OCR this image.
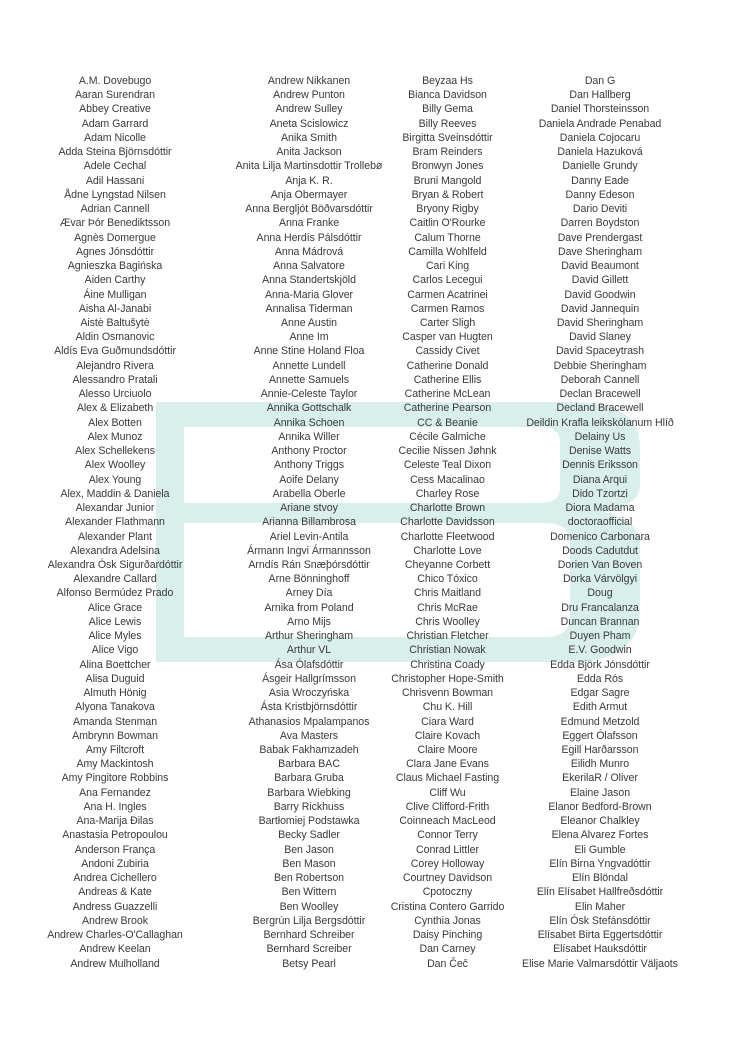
A.M. Dovebugo
Aaran Surendran
Abbey Creative
Adam Garrard
Adam Nicolle
Adda Steina Björnsdóttir
Adele Cechal
Adil Hassani
Ådne Lyngstad Nilsen
Adrian Cannell
Ævar Þór Benediktsson
Agnès Domergue
Agnes Jónsdóttir
Agnieszka Bagińska
Aiden Carthy
Áine Mulligan
Aisha Al-Janabi
Aistė Baltušytė
Aldin Osmanovic
Aldís Eva Guðmundsdóttir
Alejandro Rivera
Alessandro Pratali
Alesso Urciuolo
Alex & Elizabeth
Alex Botten
Alex Munoz
Alex Schellekens
Alex Woolley
Alex Young
Alex, Maddin & Daniela
Alexandar Junior
Alexander Flathmann
Alexander Plant
Alexandra Adelsina
Alexandra Ósk Sigurðardóttir
Alexandre Callard
Alfonso Bermúdez Prado
Alice Grace
Alice Lewis
Alice Myles
Alice Vigo
Alina Boettcher
Alisa Duguid
Almuth Hönig
Alyona Tanakova
Amanda Stenman
Ambrynn Bowman
Amy Filtcroft
Amy Mackintosh
Amy Pingitore Robbins
Ana Fernandez
Ana H. Ingles
Ana-Marija Đilas
Anastasia Petropoulou
Anderson França
Andoni Zubiria
Andrea Cichellero
Andreas & Kate
Andress Guazzelli
Andrew Brook
Andrew Charles-O'Callaghan
Andrew Keelan
Andrew Mulholland
Andrew Nikkanen
Andrew Punton
Andrew Sulley
Aneta Scislowicz
Anika Smith
Anita Jackson
Anita Lilja Martinsdottir Trollebø
Anja K. R.
Anja Obermayer
Anna Bergljót Böðvarsdóttir
Anna Franke
Anna Herdís Pálsdóttir
Anna Mádrová
Anna Salvatore
Anna Standertskjöld
Anna-Maria Glover
Annalisa Tiderman
Anne Austin
Anne Im
Anne Stine Holand Floa
Annette Lundell
Annette Samuels
Annie-Celeste Taylor
Annika Gottschalk
Annika Schoen
Annika Willer
Anthony Proctor
Anthony Triggs
Aoife Delany
Arabella Oberle
Ariane stvoy
Arianna Billambrosa
Ariel Levin-Antila
Ármann Ingvi Ármannsson
Arndís Rán Snæþórsdóttir
Arne Bönninghoff
Arney Día
Arnika from Poland
Arno Mijs
Arthur Sheringham
Arthur VL
Ása Ólafsdóttir
Ásgeir Hallgrímsson
Asia Wroczyńska
Ásta Kristbjörnsdóttir
Athanasios Mpalampanos
Ava Masters
Babak Fakhamzadeh
Barbara BAC
Barbara Gruba
Barbara Wiebking
Barry Rickhuss
Bartłomiej Podstawka
Becky Sadler
Ben Jason
Ben Mason
Ben Robertson
Ben Wittern
Ben Woolley
Bergrún Lilja Bergsdóttir
Bernhard Schreiber
Bernhard Screiber
Betsy Pearl
Beyzaa Hs
Bianca Davidson
Billy Gema
Billy Reeves
Birgitta Sveinsdóttir
Bram Reinders
Bronwyn Jones
Bruni Mangold
Bryan & Robert
Bryony Rigby
Caitlin O'Rourke
Calum Thorne
Camilla Wohlfeld
Cari King
Carlos Lecegui
Carmen Acatrinei
Carmen Ramos
Carter Sligh
Casper van Hugten
Cassidy Civet
Catherine Donald
Catherine Ellis
Catherine McLean
Catherine Pearson
CC & Beanie
Cécile Galmiche
Cecilie Nissen Jøhnk
Celeste Teal Dixon
Cess Macalinao
Charley Rose
Charlotte Brown
Charlotte Davidsson
Charlotte Fleetwood
Charlotte Love
Cheyanne Corbett
Chico Tóxico
Chris Maitland
Chris McRae
Chris Woolley
Christian Fletcher
Christian Nowak
Christina Coady
Christopher Hope-Smith
Chrisvenn Bowman
Chu K. Hill
Ciara Ward
Claire Kovach
Claire Moore
Clara Jane Evans
Claus Michael Fasting
Cliff Wu
Clive Clifford-Frith
Coinneach MacLeod
Connor Terry
Conrad Littler
Corey Holloway
Courtney Davidson
Cpotoczny
Cristina Contero Garrido
Cynthia Jonas
Daisy Pinching
Dan Carney
Dan Čeč
Dan G
Dan Hallberg
Daniel Thorsteinsson
Daniela Andrade Penabad
Daniela Cojocaru
Daniela Hazuková
Danielle Grundy
Danny Eade
Danny Edeson
Dario Deviti
Darren Boydston
Dave Prendergast
Dave Sheringham
David Beaumont
David Gillett
David Goodwin
David Jannequin
David Sheringham
David Slaney
David Spaceytrash
Debbie Sheringham
Deborah Cannell
Declan Bracewell
Decland Bracewell
Deildin Krafla leikskólanum Hlíð
Delainy Us
Denise Watts
Dennis Eriksson
Diana Arqui
Dido Tzortzi
Diora Madama
doctoraofficial
Domenico Carbonara
Doods Cadutdut
Dorien Van Boven
Dorka Várvölgyi
Doug
Dru Francalanza
Duncan Brannan
Duyen Pham
E.V. Goodwin
Edda Björk Jónsdóttir
Edda Rós
Edgar Sagre
Edith Armut
Edmund Metzold
Eggert Ólafsson
Egill Harðarsson
Eilidh Munro
EkerilaR / Oliver
Elaine Jason
Elanor Bedford-Brown
Eleanor Chalkley
Elena Alvarez Fortes
Eli Gumble
Elín Birna Yngvadóttir
Elín Blöndal
Elín Elísabet Hallfreðsdóttir
Elin Maher
Elín Ósk Stefánsdóttir
Elísabet Birta Eggertsdóttir
Elísabet Hauksdóttir
Elise Marie Valmarsdóttir Väljaots
